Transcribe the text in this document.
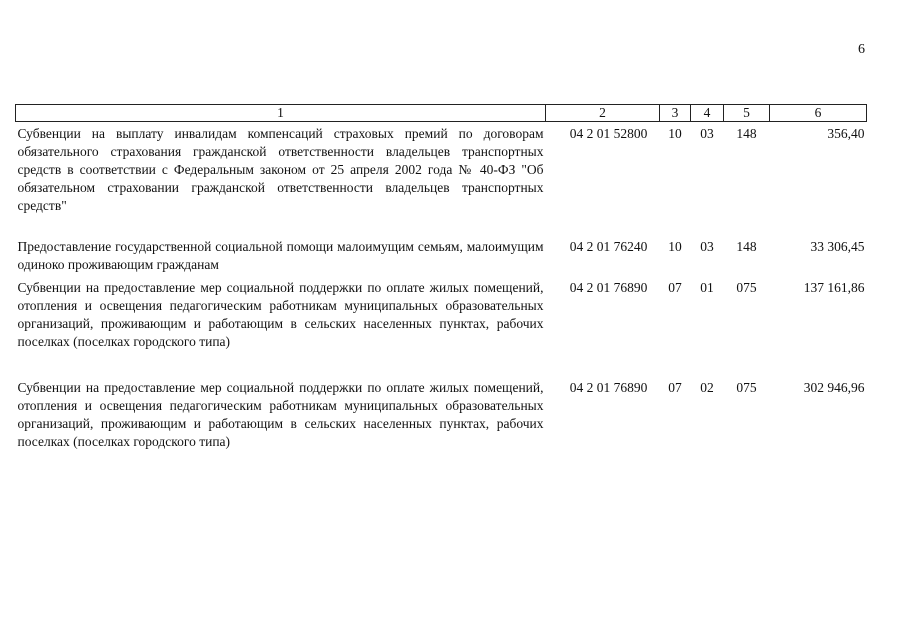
6
1	2	3	4	5	6
Субвенции на выплату инвалидам компенсаций страховых премий по договорам обязательного страхования гражданской ответственности владельцев транспортных средств в соответствии с Федеральным законом от 25 апреля 2002 года № 40-ФЗ "Об обязательном страховании гражданской ответственности владельцев транспортных средств"	04 2 01 52800	10	03	148	356,40
Предоставление государственной социальной помощи малоимущим семьям, малоимущим одиноко проживающим гражданам	04 2 01 76240	10	03	148	33 306,45
Субвенции на предоставление мер социальной поддержки по оплате жилых помещений, отопления и освещения педагогическим работникам муниципальных образовательных организаций, проживающим и работающим в сельских населенных пунктах, рабочих поселках (поселках городского типа)	04 2 01 76890	07	01	075	137 161,86
Субвенции на предоставление мер социальной поддержки по оплате жилых помещений, отопления и освещения педагогическим работникам муниципальных образовательных организаций, проживающим и работающим в сельских населенных пунктах, рабочих поселках (поселках городского типа)	04 2 01 76890	07	02	075	302 946,96
